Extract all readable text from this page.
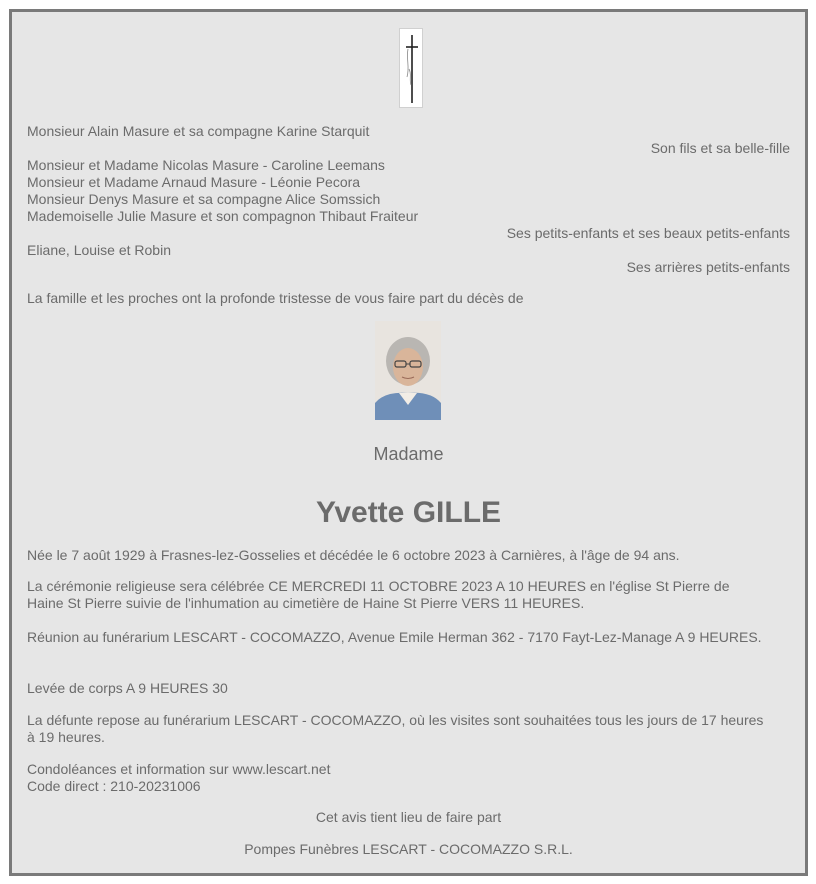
Monsieur Alain Masure et sa compagne Karine Starquit
Son fils et sa belle-fille
Monsieur et Madame Nicolas Masure - Caroline Leemans
Monsieur et Madame Arnaud Masure - Léonie Pecora
Monsieur Denys Masure et sa compagne Alice Somssich
Mademoiselle Julie Masure et son compagnon Thibaut Fraiteur
Ses petits-enfants et ses beaux petits-enfants
Eliane, Louise et Robin
Ses arrières petits-enfants
La famille et les proches ont la profonde tristesse de vous faire part du décès de
Madame
Yvette GILLE
Née le 7 août 1929 à Frasnes-lez-Gosselies et décédée le 6 octobre 2023 à Carnières, à l'âge de 94 ans.
La cérémonie religieuse sera célébrée CE MERCREDI 11 OCTOBRE 2023 A 10 HEURES en l'église St Pierre de Haine St Pierre suivie de l'inhumation au cimetière de Haine St Pierre VERS 11 HEURES.
Réunion au funérarium LESCART - COCOMAZZO, Avenue Emile Herman 362 - 7170 Fayt-Lez-Manage A 9 HEURES.
Levée de corps A 9 HEURES 30
La défunte repose au funérarium LESCART - COCOMAZZO, où les visites sont souhaitées tous les jours de 17 heures à 19 heures.
Condoléances et information sur www.lescart.net
Code direct : 210-20231006
Cet avis tient lieu de faire part
Pompes Funèbres LESCART - COCOMAZZO S.R.L.
